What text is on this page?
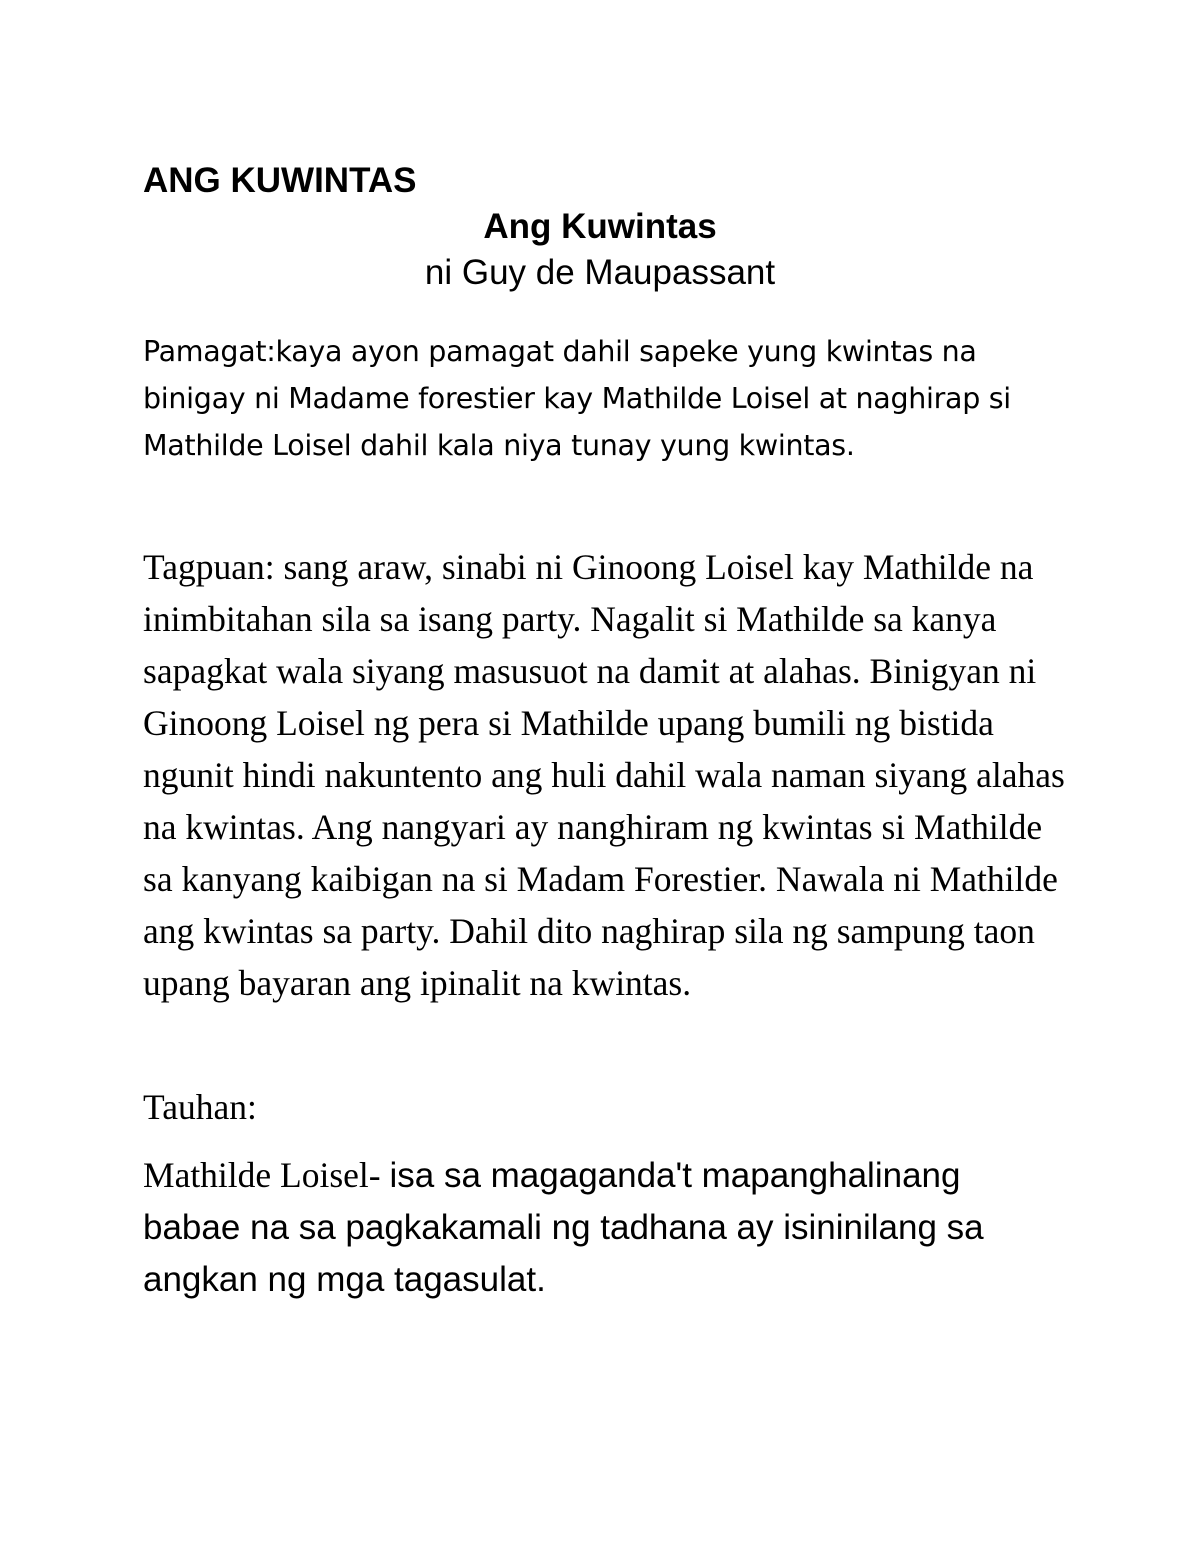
ANG KUWINTAS
Ang Kuwintas

ni Guy de Maupassant

Pamagat:kaya ayon pamagat dahil sapeke yung kwintas na binigay ni Madame forestier kay Mathilde Loisel at naghirap si Mathilde Loisel dahil kala niya tunay yung kwintas.

Tagpuan: sang araw, sinabi ni Ginoong Loisel kay Mathilde na inimbitahan sila sa isang party. Nagalit si Mathilde sa kanya sapagkat wala siyang masusuot na damit at alahas. Binigyan ni Ginoong Loisel ng pera si Mathilde upang bumili ng bistida ngunit hindi nakuntento ang huli dahil wala naman siyang alahas na kwintas. Ang nangyari ay nanghiram ng kwintas si Mathilde sa kanyang kaibigan na si Madam Forestier. Nawala ni Mathilde ang kwintas sa party. Dahil dito naghirap sila ng sampung taon upang bayaran ang ipinalit na kwintas.

Tauhan:

Mathilde Loisel- isa sa magaganda't mapanghalinang babae na sa pagkakamali ng tadhana ay isininilang sa angkan ng mga tagasulat.
